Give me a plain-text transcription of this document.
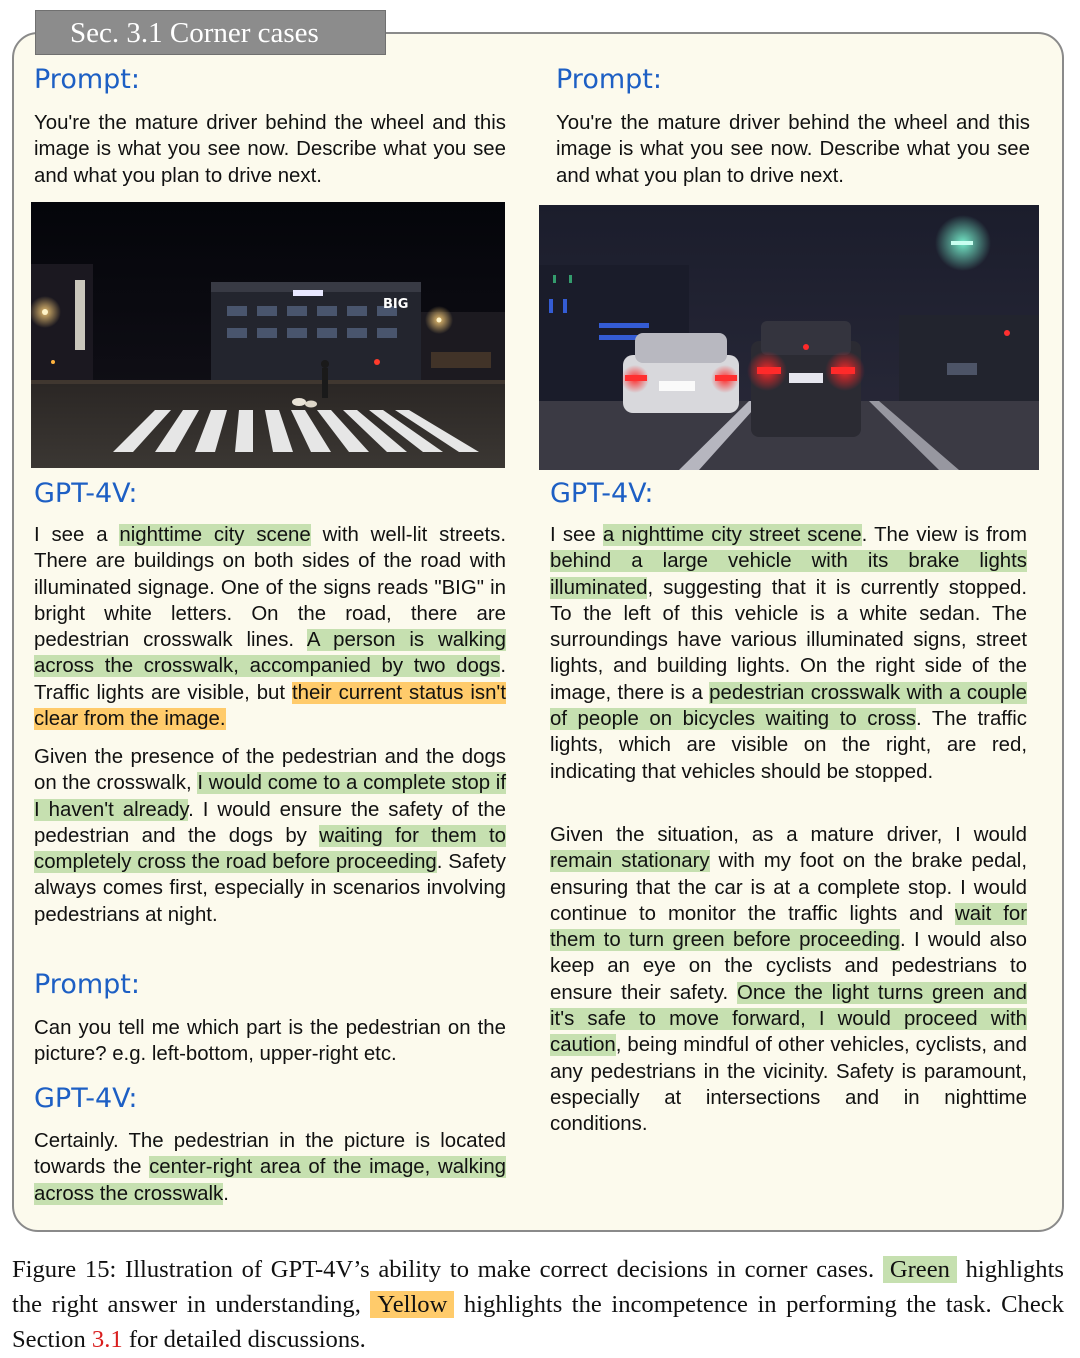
Sec. 3.1 Corner cases
Prompt:
You're the mature driver behind the wheel and this image is what you see now. Describe what you see and what you plan to drive next.
BIG
GPT-4V:
I see a nighttime city scene with well-lit streets. There are buildings on both sides of the road with illuminated signage. One of the signs reads "BIG" in bright white letters. On the road, there are pedestrian crosswalk lines. A person is walking across the crosswalk, accompanied by two dogs. Traffic lights are visible, but their current status isn't clear from the image.
Given the presence of the pedestrian and the dogs on the crosswalk, I would come to a complete stop if I haven't already. I would ensure the safety of the pedestrian and the dogs by waiting for them to completely cross the road before proceeding. Safety always comes first, especially in scenarios involving pedestrians at night.
Prompt:
Can you tell me which part is the pedestrian on the picture? e.g. left-bottom, upper-right etc.
GPT-4V:
Certainly. The pedestrian in the picture is located towards the center-right area of the image, walking across the crosswalk.
Prompt:
You're the mature driver behind the wheel and this image is what you see now. Describe what you see and what you plan to drive next.
GPT-4V:
I see a nighttime city street scene. The view is from behind a large vehicle with its brake lights illuminated, suggesting that it is currently stopped. To the left of this vehicle is a white sedan. The surroundings have various illuminated signs, street lights, and building lights. On the right side of the image, there is a pedestrian crosswalk with a couple of people on bicycles waiting to cross. The traffic lights, which are visible on the right, are red, indicating that vehicles should be stopped.
Given the situation, as a mature driver, I would remain stationary with my foot on the brake pedal, ensuring that the car is at a complete stop. I would continue to monitor the traffic lights and wait for them to turn green before proceeding. I would also keep an eye on the cyclists and pedestrians to ensure their safety. Once the light turns green and it's safe to move forward, I would proceed with caution, being mindful of other vehicles, cyclists, and any pedestrians in the vicinity. Safety is paramount, especially at intersections and in nighttime conditions.
Figure 15: Illustration of GPT-4V’s ability to make correct decisions in corner cases. Green highlights the right answer in understanding, Yellow highlights the incompetence in performing the task. Check Section 3.1 for detailed discussions.
